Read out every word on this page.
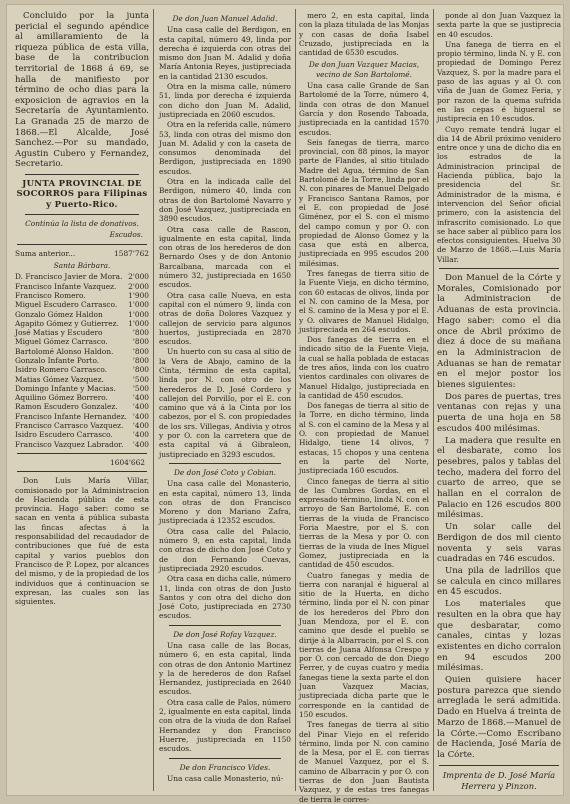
Concluido por la junta pericial el segundo apéndice al amillaramiento de la riqueza pública de esta villa, base de la contribucion territorial de 1868 á 69, se halla de manifiesto por término de ocho dias para la exposicion de agravios en la Secretaría de Ayuntamiento. La Granada 25 de marzo de 1868.—El Alcalde, José Sanchez.—Por su mandado, Agustin Cubero y Fernandez, Secretario.

JUNTA PROVINCIAL DE SOCORROS para Filipinas y Puerto-Rico.

Continúa la lista de donativos.

Escudos.

Suma anterior...	1587'762

Santa Bárbara.

D. Francisco Javier de Mora. 2'000
Francisco Infante Vazquez.	2'000
Francisco Romero.	1'900
Miguel Escudero Carrasco.	1'000
Gonzalo Gómez Haldon	1'000
Agapito Gómez y Gutierrez.	1'000
José Matias y Escudero	'800
Miguel Gómez Carrasco.	'800
Bartolomé Alonso Haldon.	'800
Gonzalo Infante Porto.	'800
Isidro Romero Carrasco.	'800
Matias Gómez Vazquez.	'500
Domingo Infante y Macias.	'500
Aquilino Gómez Borrero.	'400
Ramon Escudero Gonzalez.	'400
Francisco Infante Hernandez. '400
Francisco Carrasco Vazquez.	'400
Isidro Escudero Carrasco.	'400
Francisco Vazquez Labrador.	'400

1604'662

Don Luis María Villar, comisionado por la Administracion de Hacienda pública de esta provincia. Hago saber: como se sacan en venta á pública subasta las fincas afectas á la responsabilidad del recaudador de contribuciones que fué de esta capital y varios pueblos don Francisco de P. Lopez, por alcances del mismo, y de la propiedad de los individuos que á continuacion se expresan, las cuales son las siguientes.

De don Juan Manuel Adalid.

Una casa calle del Berdigon, en esta capital, número 49, linda por derecha é izquierda con otras del mismo don Juan M. Adalid y doña María Antonia Reyes, justipreciada en la cantidad 2130 escudos.

Otra en la misma calle, número 51, linda por derecha é izquierda con dicho don Juan M. Adalid, justipreciada en 2060 escudos.

Otra en la referida calle, número 53, linda con otras del mismo don Juan M. Adalid y con la caseta de consumos denominada del Berdigon, justipreciada en 1890 escudos.

Otra en la indicada calle del Berdigon, número 40, linda con otras de don Bartolomé Navarro y don José Vazquez, justipreciada en 3890 escudos.

Otra casa calle de Rascon, igualmente en esta capital, linda con otras de los herederos de don Bernardo Oses y de don Antonio Barcalbana, marcada con el número 32, justipreciada en 1650 escudos.

Otra casa calle Nueva, en esta capital con el número 9, linda con otras de doña Dolores Vazquez y callejon de servicio para algunos huertos, justipreciada en 2870 escudos.

Un huerto con su casa al sitio de la Vera de Abajo, camino de la Cinta, término de esta capital, linda por N. con otro de los herederos de D. José Cordero y callejon del Porvillo, por el E. con camino que vá á la Cinta por los cabezos, por el S. con propiedades de los srs. Villegas, Andivia y otros y por O. con la carretera que de esta capital vá á Gibraleon, justipreciado en 3293 escudos.

De don José Coto y Cobian.

Una casa calle del Monasterio, en esta capital, número 13, linda con otras de don Francisco Moreno y don Mariano Zafra, justipreciada á 12352 escudos.

Otra casa calle del Palacio, número 9, en esta capital, linda con otras de dicho don José Coto y de don Fernando Cuevas, justipreciada 2920 escudos.

Otra casa en dicha calle, número 11, linda con otras de don Justo Santos y con otra del dicho don José Coto, justipreciada en 2730 escudos.

De don José Rofay Vazquez.

Una casa calle de las Bocas, número 6, en esta capital, linda con otras de don Antonio Martinez y la de herederos de don Rafael Hernandez, justipreciada en 2640 escudos.

Otra casa calle de Palos, número 2, igualmente en esta capital, linda con otra de la viuda de don Rafael Hernandez y don Francisco Huerre, justipreciada en 1150 escudos.

De don Francisco Vides.

Una casa calle Monasterio, nú-

mero 2, en esta capital, linda con la plaza titulada de las Monjas y con casas de doña Isabel Cruzado, justipreciada en la cantidad de 6530 escudos.

De don Juan Vazquez Macias, vecino de San Bartolomé.

Una casa calle Grande de San Bartolomé de la Torre, número 4, linda con otras de don Manuel García y don Rosendo Taboada, justipreciada en la cantidad 1570 escudos.

Seis fanegas de tierra, marco provincial, con 88 pinos, la mayor parte de Flandes, al sitio titulado Madre del Agua, término de San Bartolomé de la Torre, linda por el N. con pinares de Manuel Delgado y Francisco Santana Ramos, por el E. con propiedad de José Giménez, por el S. con el mismo del campo comun y por O. con propiedad de Alonso Gomez y la casa que está en alberca, justipreciada en 995 escudos 200 milésimas.

Tres fanegas de tierra sitio de la Fuente Vieja, en dicho término, con 60 estacas de olivos, linda por el N. con camino de la Mesa, por el S. camino de la Mesa y por el E. y O. olivares de Manuel Hidalgo, justipreciada en 264 escudos.

Dos fanegas de tierra en el indicado sitio de la Fuente Vieja, la cual se halla poblada de estacas de tres años, linda con los cuatro vientos cardinales con olivares de Manuel Hidalgo, justipreciada en la cantidad de 450 escudos.

Dos fanegas de tierra al sitio de la Torre, en dicho término, linda al S. con el camino de la Mesa y al O. con propiedad de Manuel Hidalgo, tiene 14 olivos, 7 estacas, 15 chopos y una centena en la parte del Norte, justipreciada 160 escudos.

Cinco fanegas de tierra al sitio de las Cumbres Gordas, en el expresado término, linda N. con el arroyo de San Bartolomé, E. con tierras de la viuda de Francisco Foria Maestre, por el S. con tierras de la Mesa y por O. con tierras de la viuda de Ines Miguel Gomez, justipreciada en la cantidad de 450 escudos.

Cuatro fanegas y media de tierra con naranjal é higueral al sitio de la Huerta, en dicho término, linda por el N. con pinar de los herederos del Pbro don Juan Mendoza, por el E. con camino que desde el pueblo se dirije á la Albarracin, por el S. con tierras de Juana Alfonsa Crespo y por O. con cercado de don Diego Ferrer, y de cuyas cuatro y media fanegas tiene la sexta parte el don Juan Vazquez Macias, justipreciada dicha parte que le corresponde en la cantidad de 150 escudos.

Tres fanegas de tierra al sitio del Pinar Viejo en el referido término, linda por N. con camino de la Mesa, por el E. con tierras de Manuel Vazquez, por el S. camino de Albarracin y por O. con tierras de don Juan Bautista Vazquez, y de estas tres fanegas de tierra le corres-

ponde al don Juan Vazquez la sexta parte la que se justiprecia en 40 escudos.

Una fanega de tierra en el propio término, linda N. y E. con propiedad de Domingo Perez Vazquez, S. por la madre para el paso de las aguas y al O. con viña de Juan de Gomez Feria, y por razon de la quema sufrida en las cepas é higueral se justiprecia en 10 escudos.

Cuyo remate tendrá lugar el dia 14 de Abril próximo venidero entre once y una de dicho dia en los estrados de la Administracion principal de Hacienda pública, bajo la presidencia del Sr. Administrador de la misma, é intervencion del Señor oficial primero, con la asistencia del infrascrito comisionado. Lo que se hace saber al público para los efectos consiguientes. Huelva 30 de Marzo de 1868.—Luis María Villar.

Don Manuel de la Córte y Morales, Comisionado por la Administracion de Aduanas de esta provincia. Hago saber: como el dia once de Abril próximo de diez á doce de su mañana en la Administracion de Aduanas se han de rematar en el mejor postor los bienes siguientes:

Dos pares de puertas, tres ventanas con rejas y una puerta de una hoja en 58 escudos 400 milésimas.

La madera que resulte en el desbarate, como los pesebres, palos y tablas del techo, madera del forro del cuarto de arreo, que se hallan en el corralon de Palacio en 126 escudos 800 milésimas.

Un solar calle del Berdigon de dos mil ciento noventa y seis varas cuadradas en 746 escudos.

Una pila de ladrillos que se calcula en cinco millares en 45 escudos.

Los materiales que resulten en la obra que hay que desbaratar, como canales, cintas y lozas existentes en dicho corralon en 94 escudos 200 milésimas.

Quien quisiere hacer postura parezca que siendo arreglada le será admitida. Dado en Huelva á treinta de Marzo de 1868.—Manuel de la Córte.—Como Escribano de Hacienda, José María de la Córte.

Imprenta de D. José María Herrera y Pinzon.
